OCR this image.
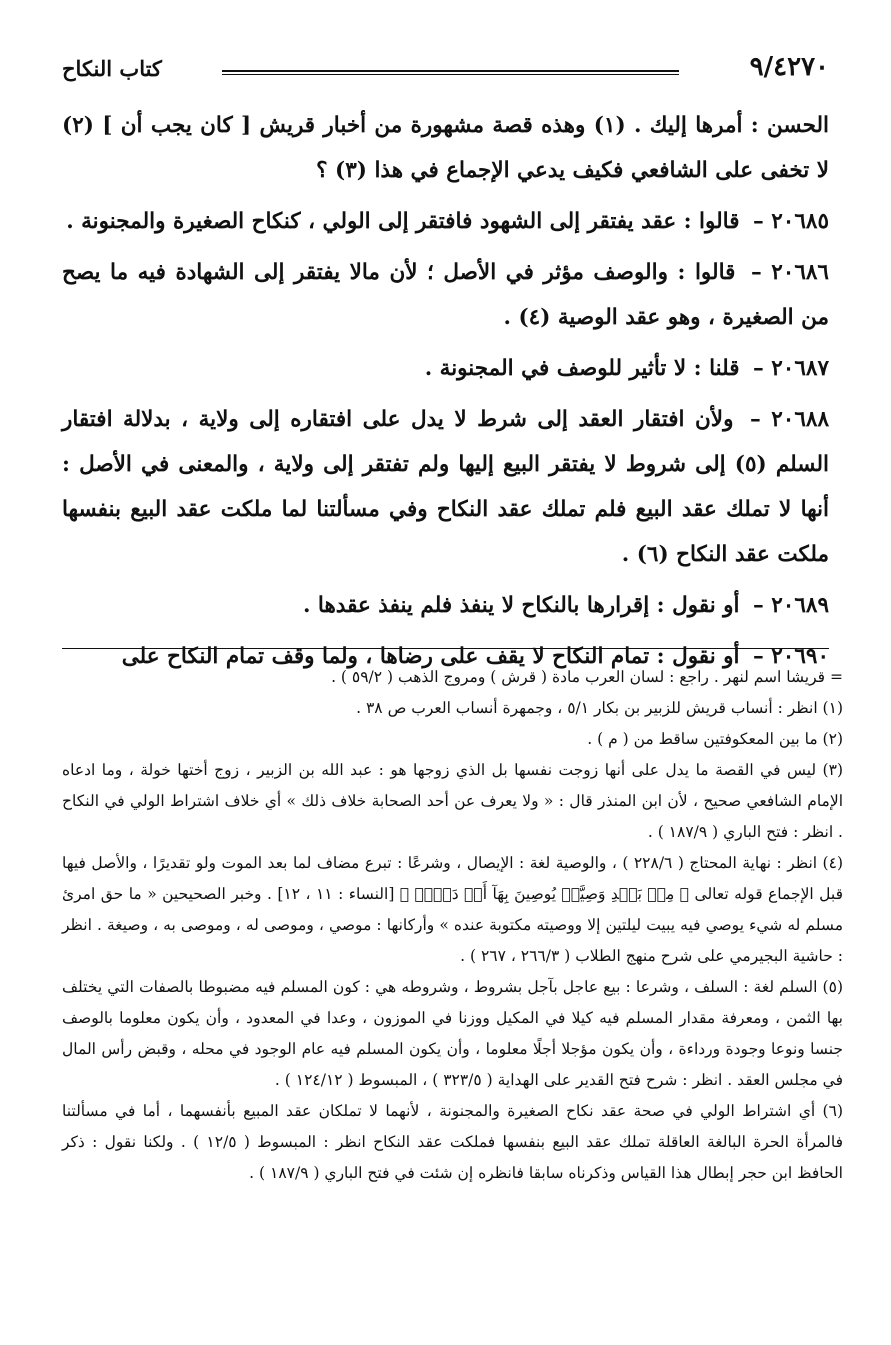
٩/٤٢٧٠
كتاب النكاح

الحسن : أمرها إليك . (١) وهذه قصة مشهورة من أخبار قريش [ كان يجب أن ] (٢) لا تخفى على الشافعي فكيف يدعي الإجماع في هذا (٣) ؟

٢٠٦٨٥ – قالوا : عقد يفتقر إلى الشهود فافتقر إلى الولي ، كنكاح الصغيرة والمجنونة .

٢٠٦٨٦ – قالوا : والوصف مؤثر في الأصل ؛ لأن مالا يفتقر إلى الشهادة فيه ما يصح من الصغيرة ، وهو عقد الوصية (٤) .

٢٠٦٨٧ – قلنا : لا تأثير للوصف في المجنونة .

٢٠٦٨٨ – ولأن افتقار العقد إلى شرط لا يدل على افتقاره إلى ولاية ، بدلالة افتقار السلم (٥) إلى شروط لا يفتقر البيع إليها ولم تفتقر إلى ولاية ، والمعنى في الأصل : أنها لا تملك عقد البيع فلم تملك عقد النكاح وفي مسألتنا لما ملكت عقد البيع بنفسها ملكت عقد النكاح (٦) .

٢٠٦٨٩ – أو نقول : إقرارها بالنكاح لا ينفذ فلم ينفذ عقدها .

٢٠٦٩٠ – أو نقول : تمام النكاح لا يقف على رضاها ، ولما وقف تمام النكاح على

= قريشا اسم لنهر . راجع : لسان العرب مادة ( قرش ) ومروج الذهب ( ٥٩/٢ ) .

(١) انظر : أنساب قريش للزبير بن بكار ٥/١ ، وجمهرة أنساب العرب ص ٣٨ .

(٢) ما بين المعكوفتين ساقط من ( م ) .

(٣) ليس في القصة ما يدل على أنها زوجت نفسها بل الذي زوجها هو : عبد الله بن الزبير ، زوج أختها خولة ، وما ادعاه الإمام الشافعي صحيح ، لأن ابن المنذر قال : « ولا يعرف عن أحد الصحابة خلاف ذلك » أي خلاف اشتراط الولي في النكاح . انظر : فتح الباري ( ١٨٧/٩ ) .

(٤) انظر : نهاية المحتاج ( ٢٢٨/٦ ) ، والوصية لغة : الإيصال ، وشرعًا : تبرع مضاف لما بعد الموت ولو تقديرًا ، والأصل فيها قبل الإجماع قوله تعالى ﴿ مِنۢ بَعۡدِ وَصِيَّةٖ يُوصِينَ بِهَآ أَوۡ دَيۡنٖ ﴾ [النساء : ١١ ، ١٢] . وخبر الصحيحين « ما حق امرئ مسلم له شيء يوصي فيه يبيت ليلتين إلا ووصيته مكتوبة عنده » وأركانها : موصي ، وموصى له ، وموصى به ، وصيغة . انظر : حاشية البجيرمي على شرح منهج الطلاب ( ٢٦٦/٣ ، ٢٦٧ ) .

(٥) السلم لغة : السلف ، وشرعا : بيع عاجل بآجل بشروط ، وشروطه هي : كون المسلم فيه مضبوطا بالصفات التي يختلف بها الثمن ، ومعرفة مقدار المسلم فيه كيلا في المكيل ووزنا في الموزون ، وعدا في المعدود ، وأن يكون معلوما بالوصف جنسا ونوعا وجودة ورداءة ، وأن يكون مؤجلا أجلًا معلوما ، وأن يكون المسلم فيه عام الوجود في محله ، وقبض رأس المال في مجلس العقد . انظر : شرح فتح القدير على الهداية ( ٣٢٣/٥ ) ، المبسوط ( ١٢٤/١٢ ) .

(٦) أي اشتراط الولي في صحة عقد نكاح الصغيرة والمجنونة ، لأنهما لا تملكان عقد المبيع بأنفسهما ، أما في مسألتنا فالمرأة الحرة البالغة العاقلة تملك عقد البيع بنفسها فملكت عقد النكاح انظر : المبسوط ( ١٢/٥ ) . ولكنا نقول : ذكر الحافظ ابن حجر إبطال هذا القياس وذكرناه سابقا فانظره إن شئت في فتح الباري ( ١٨٧/٩ ) .
